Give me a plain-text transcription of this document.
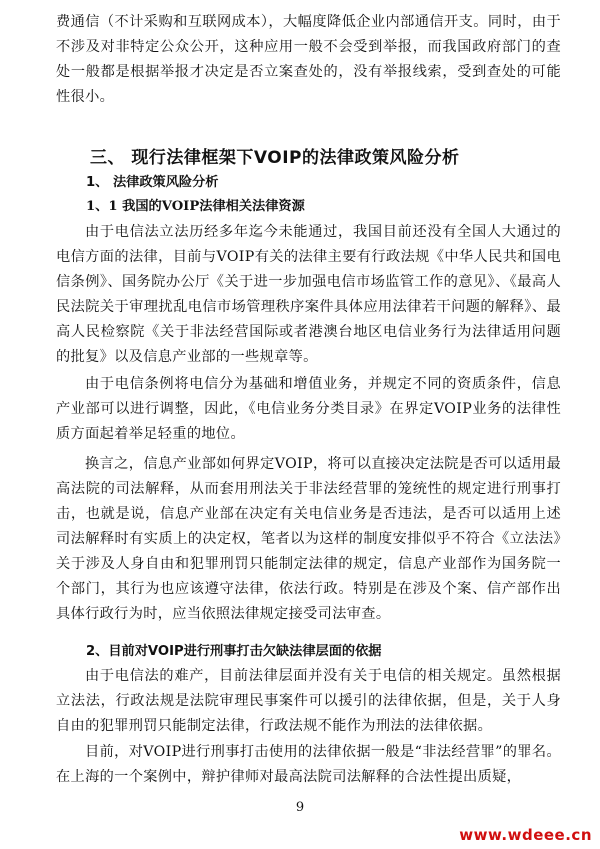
费通信（不计采购和互联网成本），大幅度降低企业内部通信开支。同时，由于不涉及对非特定公众公开，这种应用一般不会受到举报，而我国政府部门的查处一般都是根据举报才决定是否立案查处的，没有举报线索，受到查处的可能性很小。

三、 现行法律框架下VOIP的法律政策风险分析
1、 法律政策风险分析
1、1 我国的VOIP法律相关法律资源

由于电信法立法历经多年迄今未能通过，我国目前还没有全国人大通过的电信方面的法律，目前与VOIP有关的法律主要有行政法规《中华人民共和国电信条例》、国务院办公厅《关于进一步加强电信市场监管工作的意见》、《最高人民法院关于审理扰乱电信市场管理秩序案件具体应用法律若干问题的解释》、最高人民检察院《关于非法经营国际或者港澳台地区电信业务行为法律适用问题的批复》以及信息产业部的一些规章等。

由于电信条例将电信分为基础和增值业务，并规定不同的资质条件，信息产业部可以进行调整，因此，《电信业务分类目录》在界定VOIP业务的法律性质方面起着举足轻重的地位。

换言之，信息产业部如何界定VOIP，将可以直接决定法院是否可以适用最高法院的司法解释，从而套用刑法关于非法经营罪的笼统性的规定进行刑事打击，也就是说，信息产业部在决定有关电信业务是否违法，是否可以适用上述司法解释时有实质上的决定权，笔者以为这样的制度安排似乎不符合《立法法》关于涉及人身自由和犯罪刑罚只能制定法律的规定，信息产业部作为国务院一个部门，其行为也应该遵守法律，依法行政。特别是在涉及个案、信产部作出具体行政行为时，应当依照法律规定接受司法审查。

2、目前对VOIP进行刑事打击欠缺法律层面的依据

由于电信法的难产，目前法律层面并没有关于电信的相关规定。虽然根据立法法，行政法规是法院审理民事案件可以援引的法律依据，但是，关于人身自由的犯罪刑罚只能制定法律，行政法规不能作为刑法的法律依据。

目前，对VOIP进行刑事打击使用的法律依据一般是“非法经营罪”的罪名。在上海的一个案例中，辩护律师对最高法院司法解释的合法性提出质疑，

9
www.wdeee.cn
